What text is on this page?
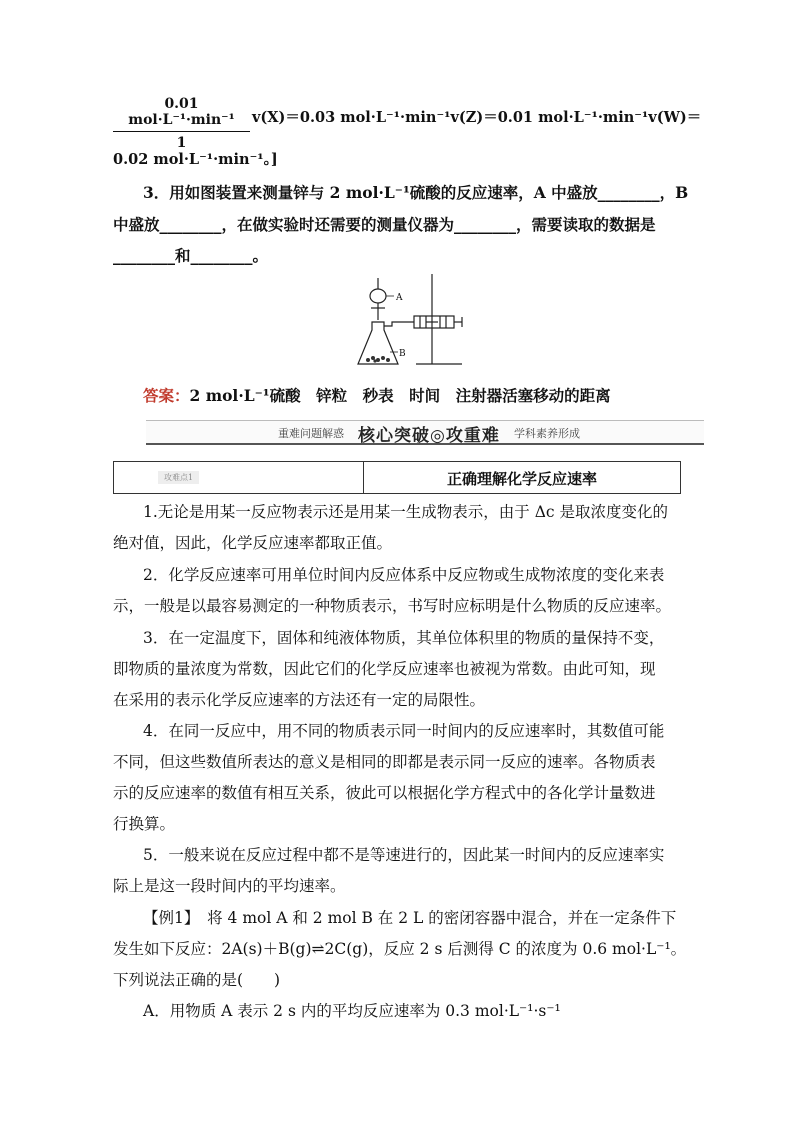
0.01 mol·L⁻¹·min⁻¹
1
v(X)＝0.03 mol·L⁻¹·min⁻¹v(Z)＝0.01 mol·L⁻¹·min⁻¹v(W)＝
0.02 mol·L⁻¹·min⁻¹。]
3．用如图装置来测量锌与 2 mol·L⁻¹硫酸的反应速率，A 中盛放________，B
中盛放________，在做实验时还需要的测量仪器为________，需要读取的数据是
________和________。
A
B
答案：2 mol·L⁻¹硫酸　锌粒　秒表　时间　注射器活塞移动的距离
重难问题解惑 核心突破◎攻重难 学科素养形成
攻难点1	正确理解化学反应速率
1.无论是用某一反应物表示还是用某一生成物表示，由于 Δc 是取浓度变化的
绝对值，因此，化学反应速率都取正值。
2．化学反应速率可用单位时间内反应体系中反应物或生成物浓度的变化来表
示，一般是以最容易测定的一种物质表示，书写时应标明是什么物质的反应速率。
3．在一定温度下，固体和纯液体物质，其单位体积里的物质的量保持不变，
即物质的量浓度为常数，因此它们的化学反应速率也被视为常数。由此可知，现
在采用的表示化学反应速率的方法还有一定的局限性。
4．在同一反应中，用不同的物质表示同一时间内的反应速率时，其数值可能
不同，但这些数值所表达的意义是相同的即都是表示同一反应的速率。各物质表
示的反应速率的数值有相互关系，彼此可以根据化学方程式中的各化学计量数进
行换算。
5．一般来说在反应过程中都不是等速进行的，因此某一时间内的反应速率实
际上是这一段时间内的平均速率。
【例1】　将 4 mol A 和 2 mol B 在 2 L 的密闭容器中混合，并在一定条件下
发生如下反应：2A(s)＋B(g)⇌2C(g)，反应 2 s 后测得 C 的浓度为 0.6 mol·L⁻¹。
下列说法正确的是(　　)
A．用物质 A 表示 2 s 内的平均反应速率为 0.3 mol·L⁻¹·s⁻¹
